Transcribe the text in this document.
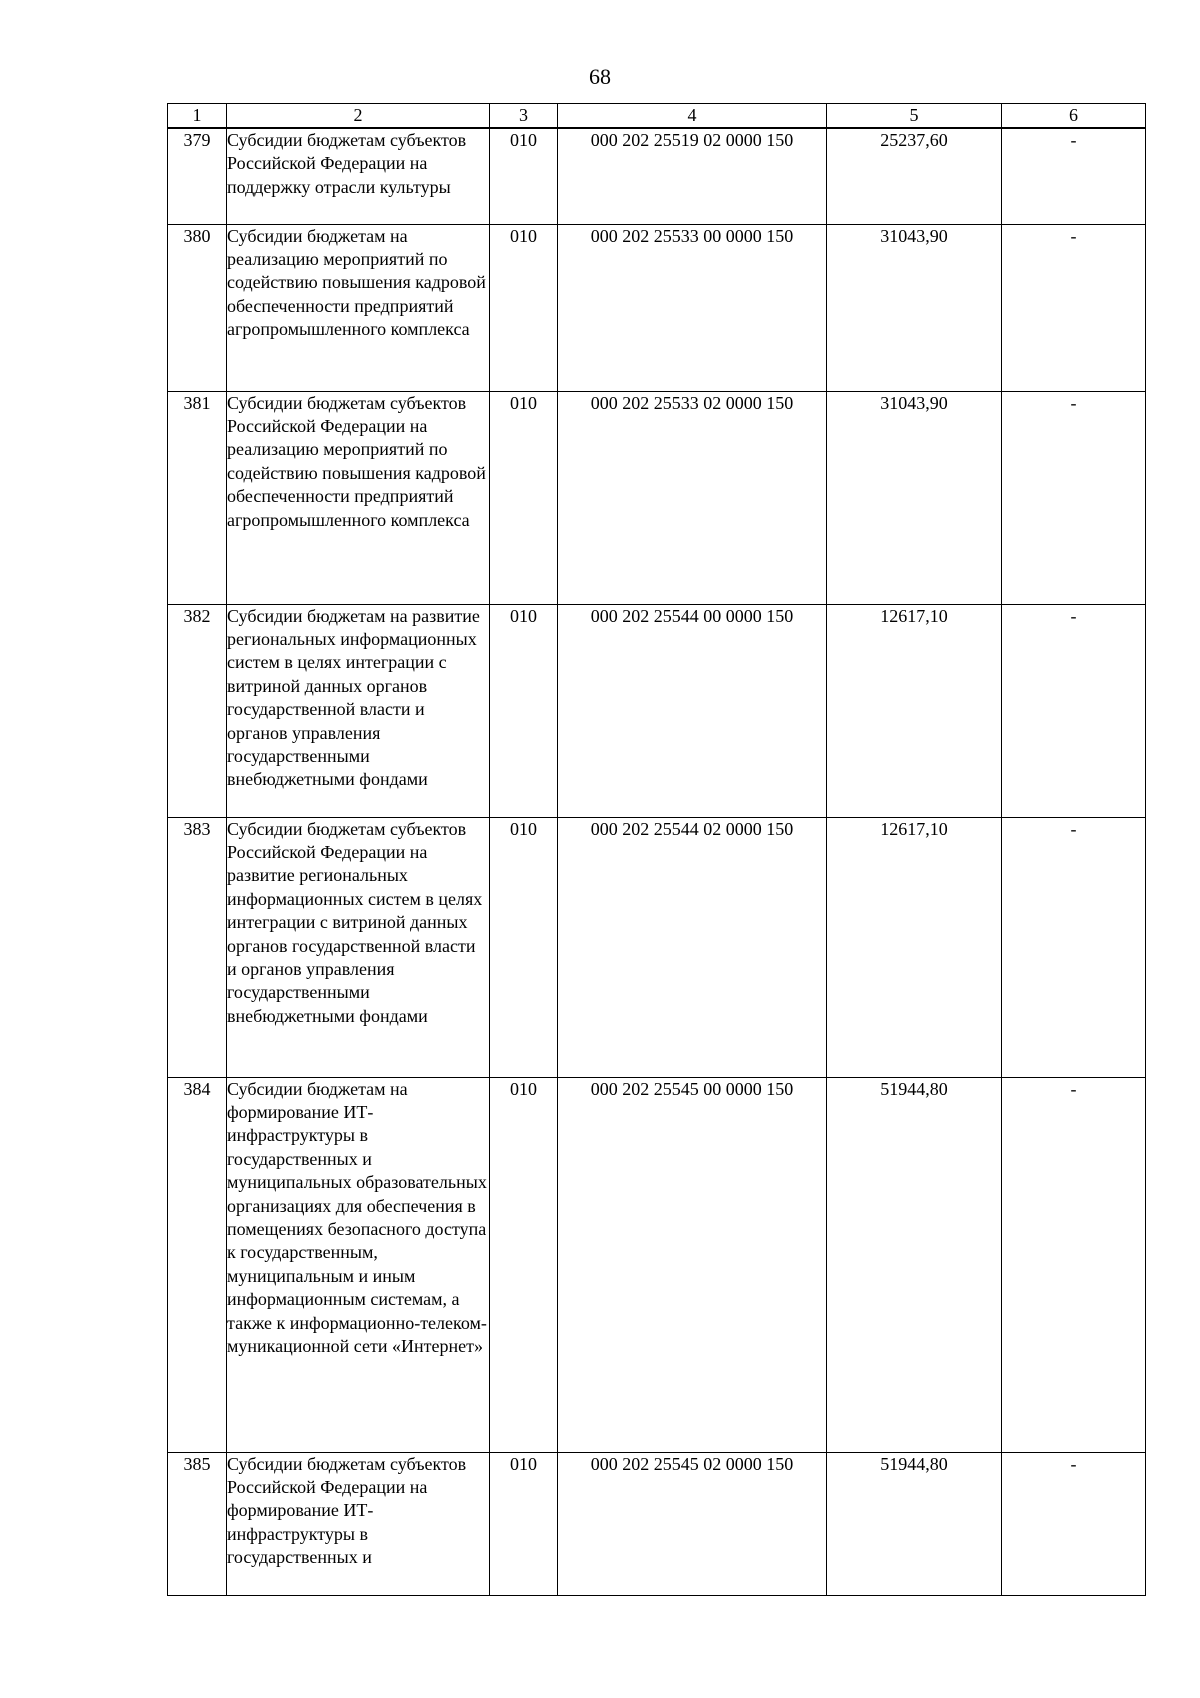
68
1	2	3	4	5	6
379	Субсидии бюджетам субъектов Российской Федерации на поддержку отрасли культуры	010	000 202 25519 02 0000 150	25237,60	-
380	Субсидии бюджетам на реализацию мероприятий по содействию повышения кадровой обеспеченности предприятий агропромышленного комплекса	010	000 202 25533 00 0000 150	31043,90	-
381	Субсидии бюджетам субъектов Российской Федерации на реализацию мероприятий по содействию повышения кадровой обеспеченности предприятий агропромышленного комплекса	010	000 202 25533 02 0000 150	31043,90	-
382	Субсидии бюджетам на развитие региональных информационных систем в целях интеграции с витриной данных органов государственной власти и органов управления государственными внебюджетными фондами	010	000 202 25544 00 0000 150	12617,10	-
383	Субсидии бюджетам субъектов Российской Федерации на развитие региональных информационных систем в целях интеграции с витриной данных органов государственной власти и органов управления государственными внебюджетными фондами	010	000 202 25544 02 0000 150	12617,10	-
384	Субсидии бюджетам на формирование ИТ-инфраструктуры в государственных и муниципальных образовательных организациях для обеспечения в помещениях безопасного доступа к государственным, муниципальным и иным информационным системам, а также к информационно-телеком-муникационной сети «Интернет»	010	000 202 25545 00 0000 150	51944,80	-
385	Субсидии бюджетам субъектов Российской Федерации на формирование ИТ-инфраструктуры в государственных и	010	000 202 25545 02 0000 150	51944,80	-
